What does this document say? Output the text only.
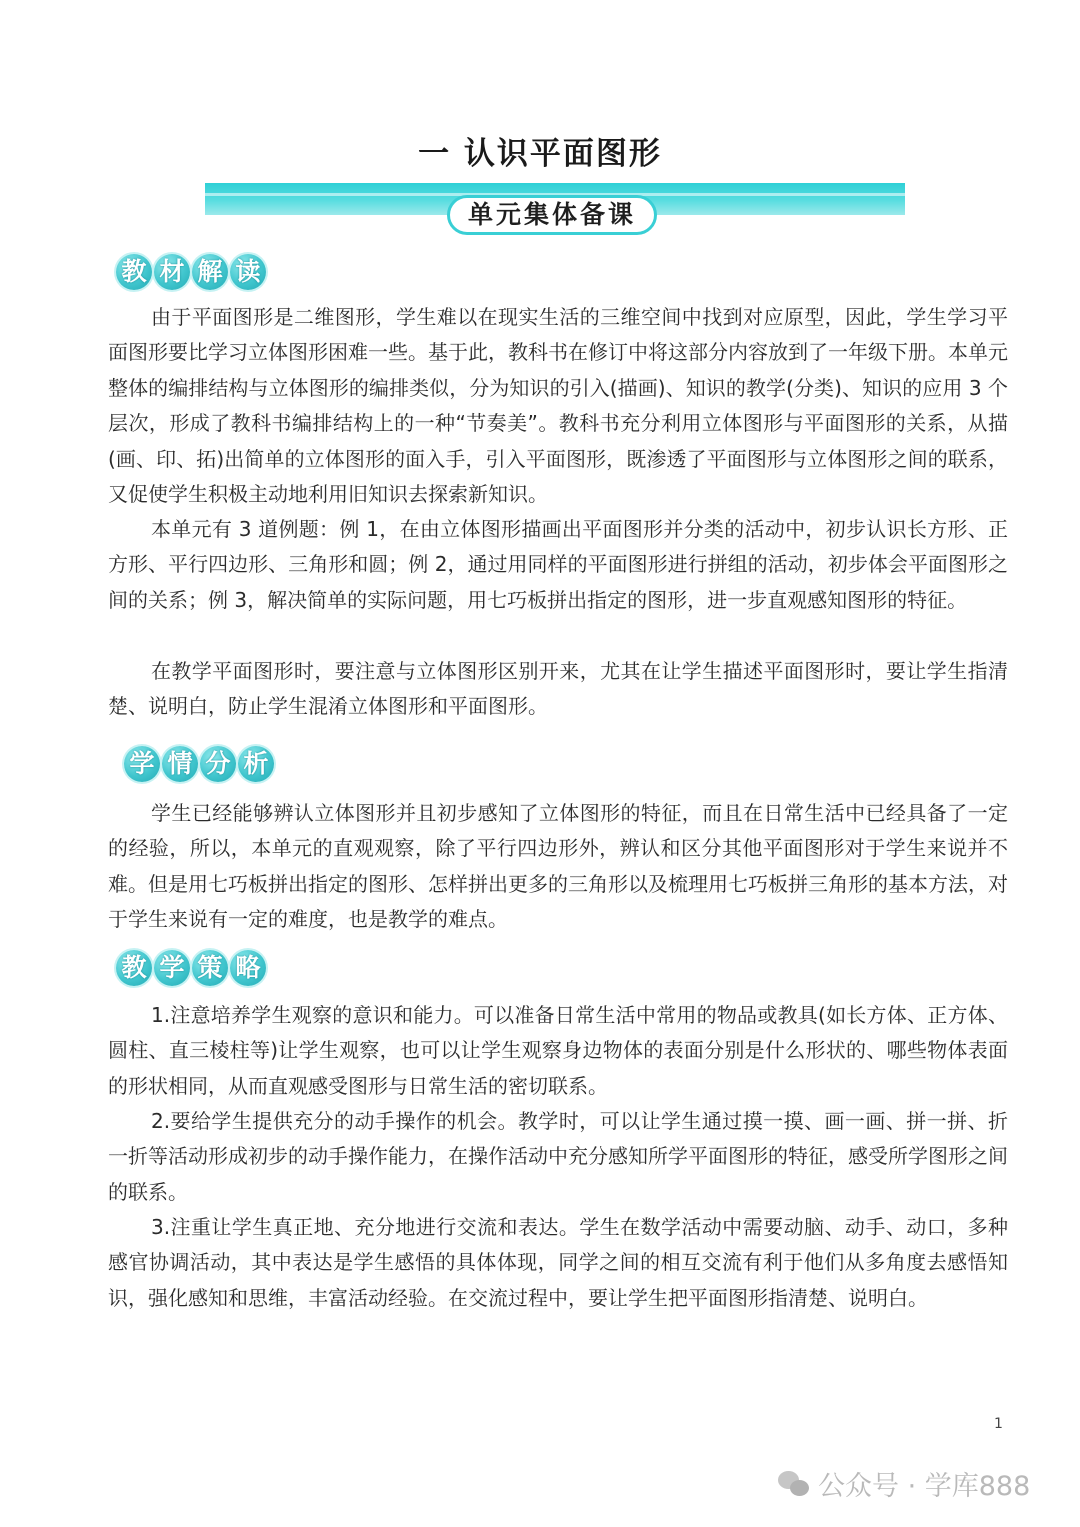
一 认识平面图形
单元集体备课
教 材 解 读

由于平面图形是二维图形，学生难以在现实生活的三维空间中找到对应原型，因此，学生学习平面图形要比学习立体图形困难一些。基于此，教科书在修订中将这部分内容放到了一年级下册。本单元整体的编排结构与立体图形的编排类似，分为知识的引入(描画)、知识的教学(分类)、知识的应用 3 个层次，形成了教科书编排结构上的一种“节奏美”。教科书充分利用立体图形与平面图形的关系，从描(画、印、拓)出简单的立体图形的面入手，引入平面图形，既渗透了平面图形与立体图形之间的联系，又促使学生积极主动地利用旧知识去探索新知识。

本单元有 3 道例题：例 1，在由立体图形描画出平面图形并分类的活动中，初步认识长方形、正方形、平行四边形、三角形和圆；例 2，通过用同样的平面图形进行拼组的活动，初步体会平面图形之间的关系；例 3，解决简单的实际问题，用七巧板拼出指定的图形，进一步直观感知图形的特征。

在教学平面图形时，要注意与立体图形区别开来，尤其在让学生描述平面图形时，要让学生指清楚、说明白，防止学生混淆立体图形和平面图形。

学 情 分 析

学生已经能够辨认立体图形并且初步感知了立体图形的特征，而且在日常生活中已经具备了一定的经验，所以，本单元的直观观察，除了平行四边形外，辨认和区分其他平面图形对于学生来说并不难。但是用七巧板拼出指定的图形、怎样拼出更多的三角形以及梳理用七巧板拼三角形的基本方法，对于学生来说有一定的难度，也是教学的难点。

教 学 策 略

1.注意培养学生观察的意识和能力。可以准备日常生活中常用的物品或教具(如长方体、正方体、圆柱、直三棱柱等)让学生观察，也可以让学生观察身边物体的表面分别是什么形状的、哪些物体表面的形状相同，从而直观感受图形与日常生活的密切联系。

2.要给学生提供充分的动手操作的机会。教学时，可以让学生通过摸一摸、画一画、拼一拼、折一折等活动形成初步的动手操作能力，在操作活动中充分感知所学平面图形的特征，感受所学图形之间的联系。

3.注重让学生真正地、充分地进行交流和表达。学生在数学活动中需要动脑、动手、动口，多种感官协调活动，其中表达是学生感悟的具体体现，同学之间的相互交流有利于他们从多角度去感悟知识，强化感知和思维，丰富活动经验。在交流过程中，要让学生把平面图形指清楚、说明白。

1
公众号 · 学库888
